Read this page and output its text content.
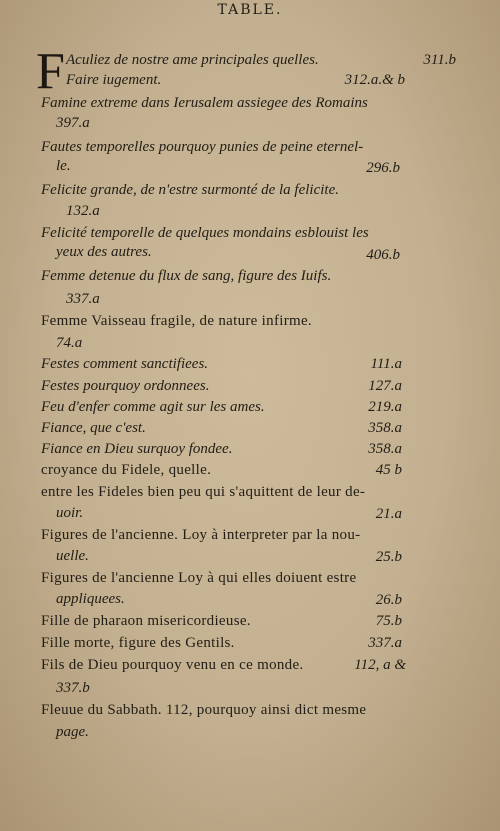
TABLE.
F Aculiez de nostre ame principales quelles.	311.b
Faire iugement.	312.a.& b
Famine extreme dans Ierusalem assiegee des Romains
397.a
Fautes temporelles pourquoy punies de peine eternel-
le.	296.b
Felicite grande, de n'estre surmonté de la felicite.
132.a
Felicité temporelle de quelques mondains esblouist les
yeux des autres.	406.b
Femme detenue du flux de sang, figure des Iuifs.
337.a
Femme Vaisseau fragile, de nature infirme.
74.a
Festes comment sanctifiees.	111.a
Festes pourquoy ordonnees.	127.a
Feu d'enfer comme agit sur les ames.	219.a
Fiance, que c'est.	358.a
Fiance en Dieu surquoy fondee.	358.a
croyance du Fidele, quelle.	45 b
entre les Fideles bien peu qui s'aquittent de leur de-
uoir.	21.a
Figures de l'ancienne. Loy à interpreter par la nou-
uelle.	25.b
Figures de l'ancienne Loy à qui elles doiuent estre
appliquees.	26.b
Fille de pharaon misericordieuse.	75.b
Fille morte, figure des Gentils.	337.a
Fils de Dieu pourquoy venu en ce monde.	112, a &
337.b
Fleuue du Sabbath. 112, pourquoy ainsi dict mesme
page.
